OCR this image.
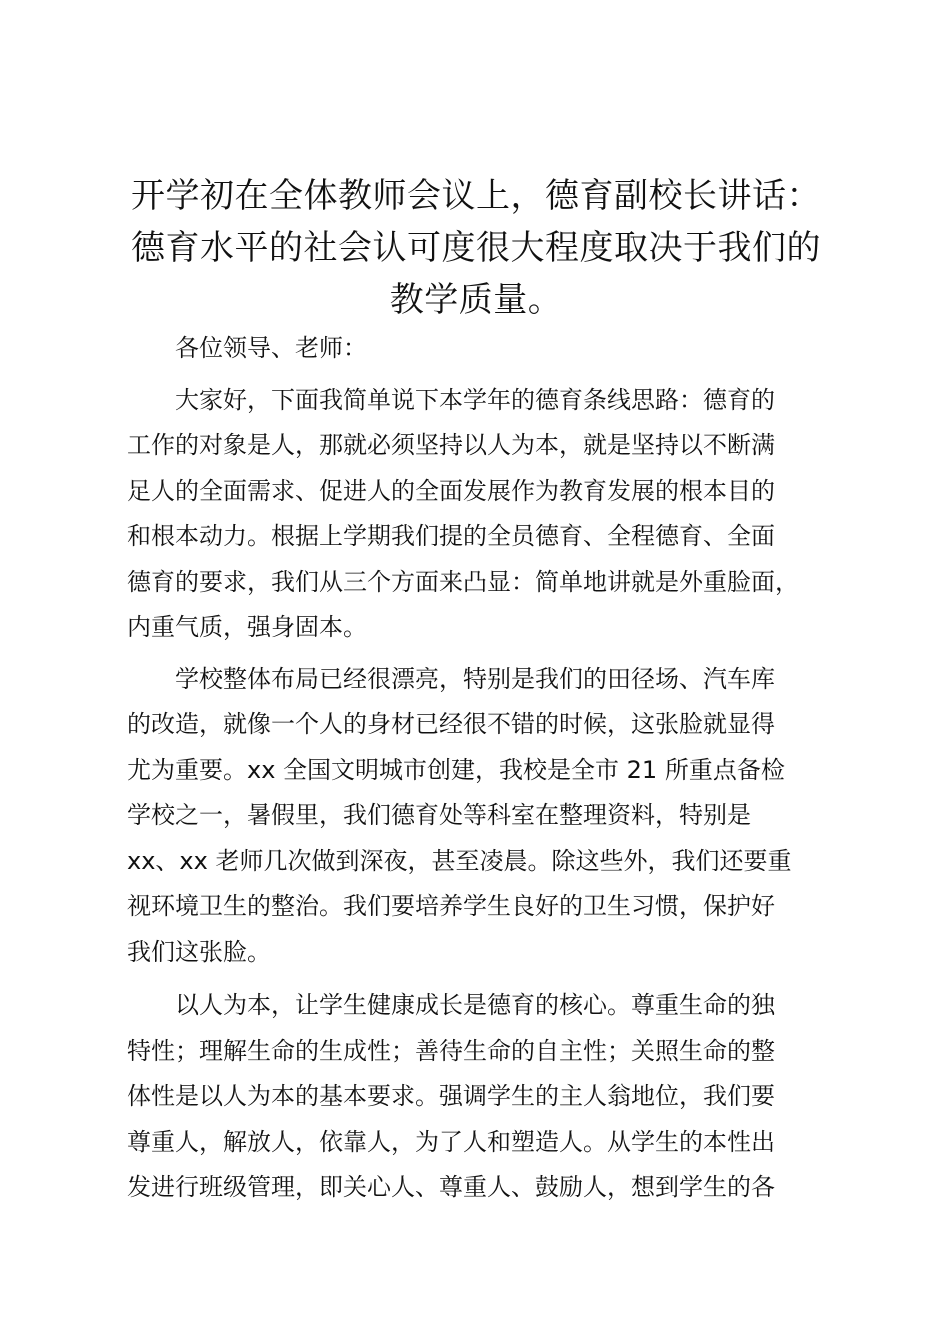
开学初在全体教师会议上，德育副校长讲话：
德育水平的社会认可度很大程度取决于我们的
教学质量。

各位领导、老师：

大家好，下面我简单说下本学年的德育条线思路：德育的
工作的对象是人，那就必须坚持以人为本，就是坚持以不断满
足人的全面需求、促进人的全面发展作为教育发展的根本目的
和根本动力。根据上学期我们提的全员德育、全程德育、全面
德育的要求，我们从三个方面来凸显：简单地讲就是外重脸面，
内重气质，强身固本。

学校整体布局已经很漂亮，特别是我们的田径场、汽车库
的改造，就像一个人的身材已经很不错的时候，这张脸就显得
尤为重要。xx 全国文明城市创建，我校是全市 21 所重点备检
学校之一，暑假里，我们德育处等科室在整理资料，特别是
xx、xx 老师几次做到深夜，甚至凌晨。除这些外，我们还要重
视环境卫生的整治。我们要培养学生良好的卫生习惯，保护好
我们这张脸。

以人为本，让学生健康成长是德育的核心。尊重生命的独
特性；理解生命的生成性；善待生命的自主性；关照生命的整
体性是以人为本的基本要求。强调学生的主人翁地位，我们要
尊重人，解放人，依靠人，为了人和塑造人。从学生的本性出
发进行班级管理，即关心人、尊重人、鼓励人，想到学生的各
